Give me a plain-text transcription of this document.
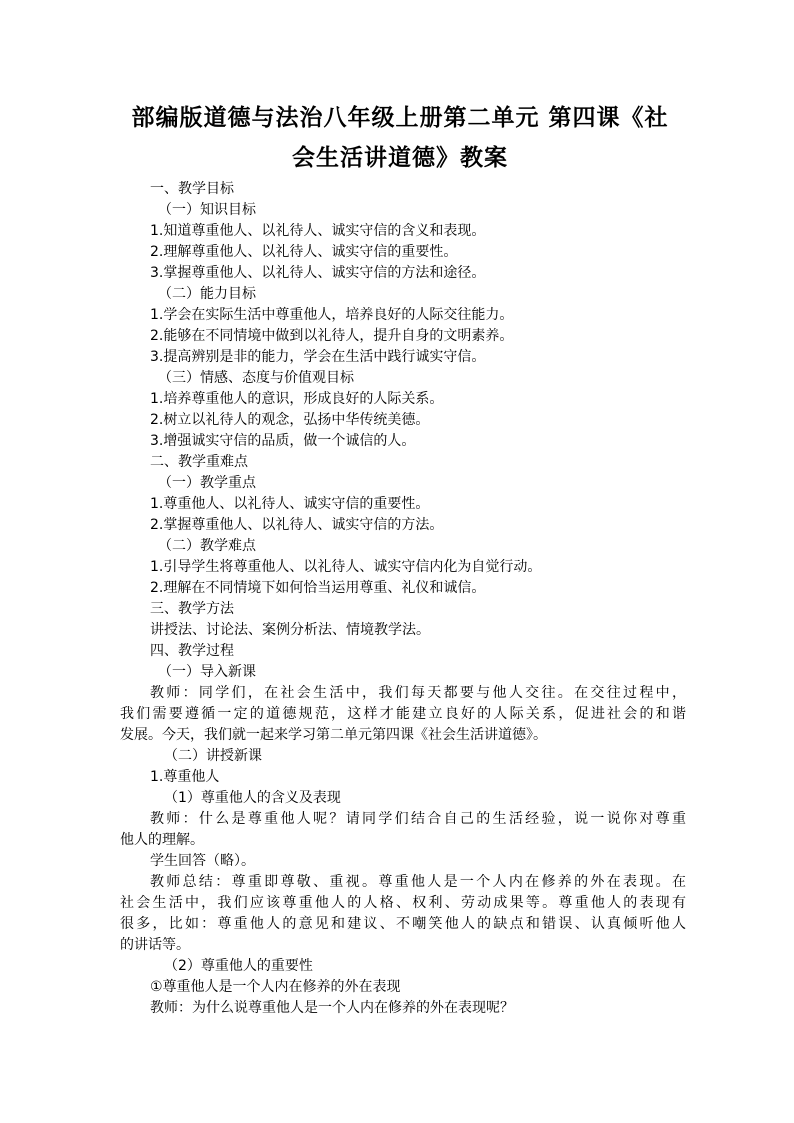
部编版道德与法治八年级上册第二单元 第四课《社
会生活讲道德》教案
一、教学目标
（一）知识目标
1.知道尊重他人、以礼待人、诚实守信的含义和表现。
2.理解尊重他人、以礼待人、诚实守信的重要性。
3.掌握尊重他人、以礼待人、诚实守信的方法和途径。
（二）能力目标
1.学会在实际生活中尊重他人，培养良好的人际交往能力。
2.能够在不同情境中做到以礼待人，提升自身的文明素养。
3.提高辨别是非的能力，学会在生活中践行诚实守信。
（三）情感、态度与价值观目标
1.培养尊重他人的意识，形成良好的人际关系。
2.树立以礼待人的观念，弘扬中华传统美德。
3.增强诚实守信的品质，做一个诚信的人。
二、教学重难点
（一）教学重点
1.尊重他人、以礼待人、诚实守信的重要性。
2.掌握尊重他人、以礼待人、诚实守信的方法。
（二）教学难点
1.引导学生将尊重他人、以礼待人、诚实守信内化为自觉行动。
2.理解在不同情境下如何恰当运用尊重、礼仪和诚信。
三、教学方法
讲授法、讨论法、案例分析法、情境教学法。
四、教学过程
（一）导入新课
教师：同学们，在社会生活中，我们每天都要与他人交往。在交往过程中，
我们需要遵循一定的道德规范，这样才能建立良好的人际关系，促进社会的和谐
发展。今天，我们就一起来学习第二单元第四课《社会生活讲道德》。
（二）讲授新课
1.尊重他人
（1）尊重他人的含义及表现
教师：什么是尊重他人呢？请同学们结合自己的生活经验，说一说你对尊重
他人的理解。
学生回答（略）。
教师总结：尊重即尊敬、重视。尊重他人是一个人内在修养的外在表现。在
社会生活中，我们应该尊重他人的人格、权利、劳动成果等。尊重他人的表现有
很多，比如：尊重他人的意见和建议、不嘲笑他人的缺点和错误、认真倾听他人
的讲话等。
（2）尊重他人的重要性
①尊重他人是一个人内在修养的外在表现
教师：为什么说尊重他人是一个人内在修养的外在表现呢？
